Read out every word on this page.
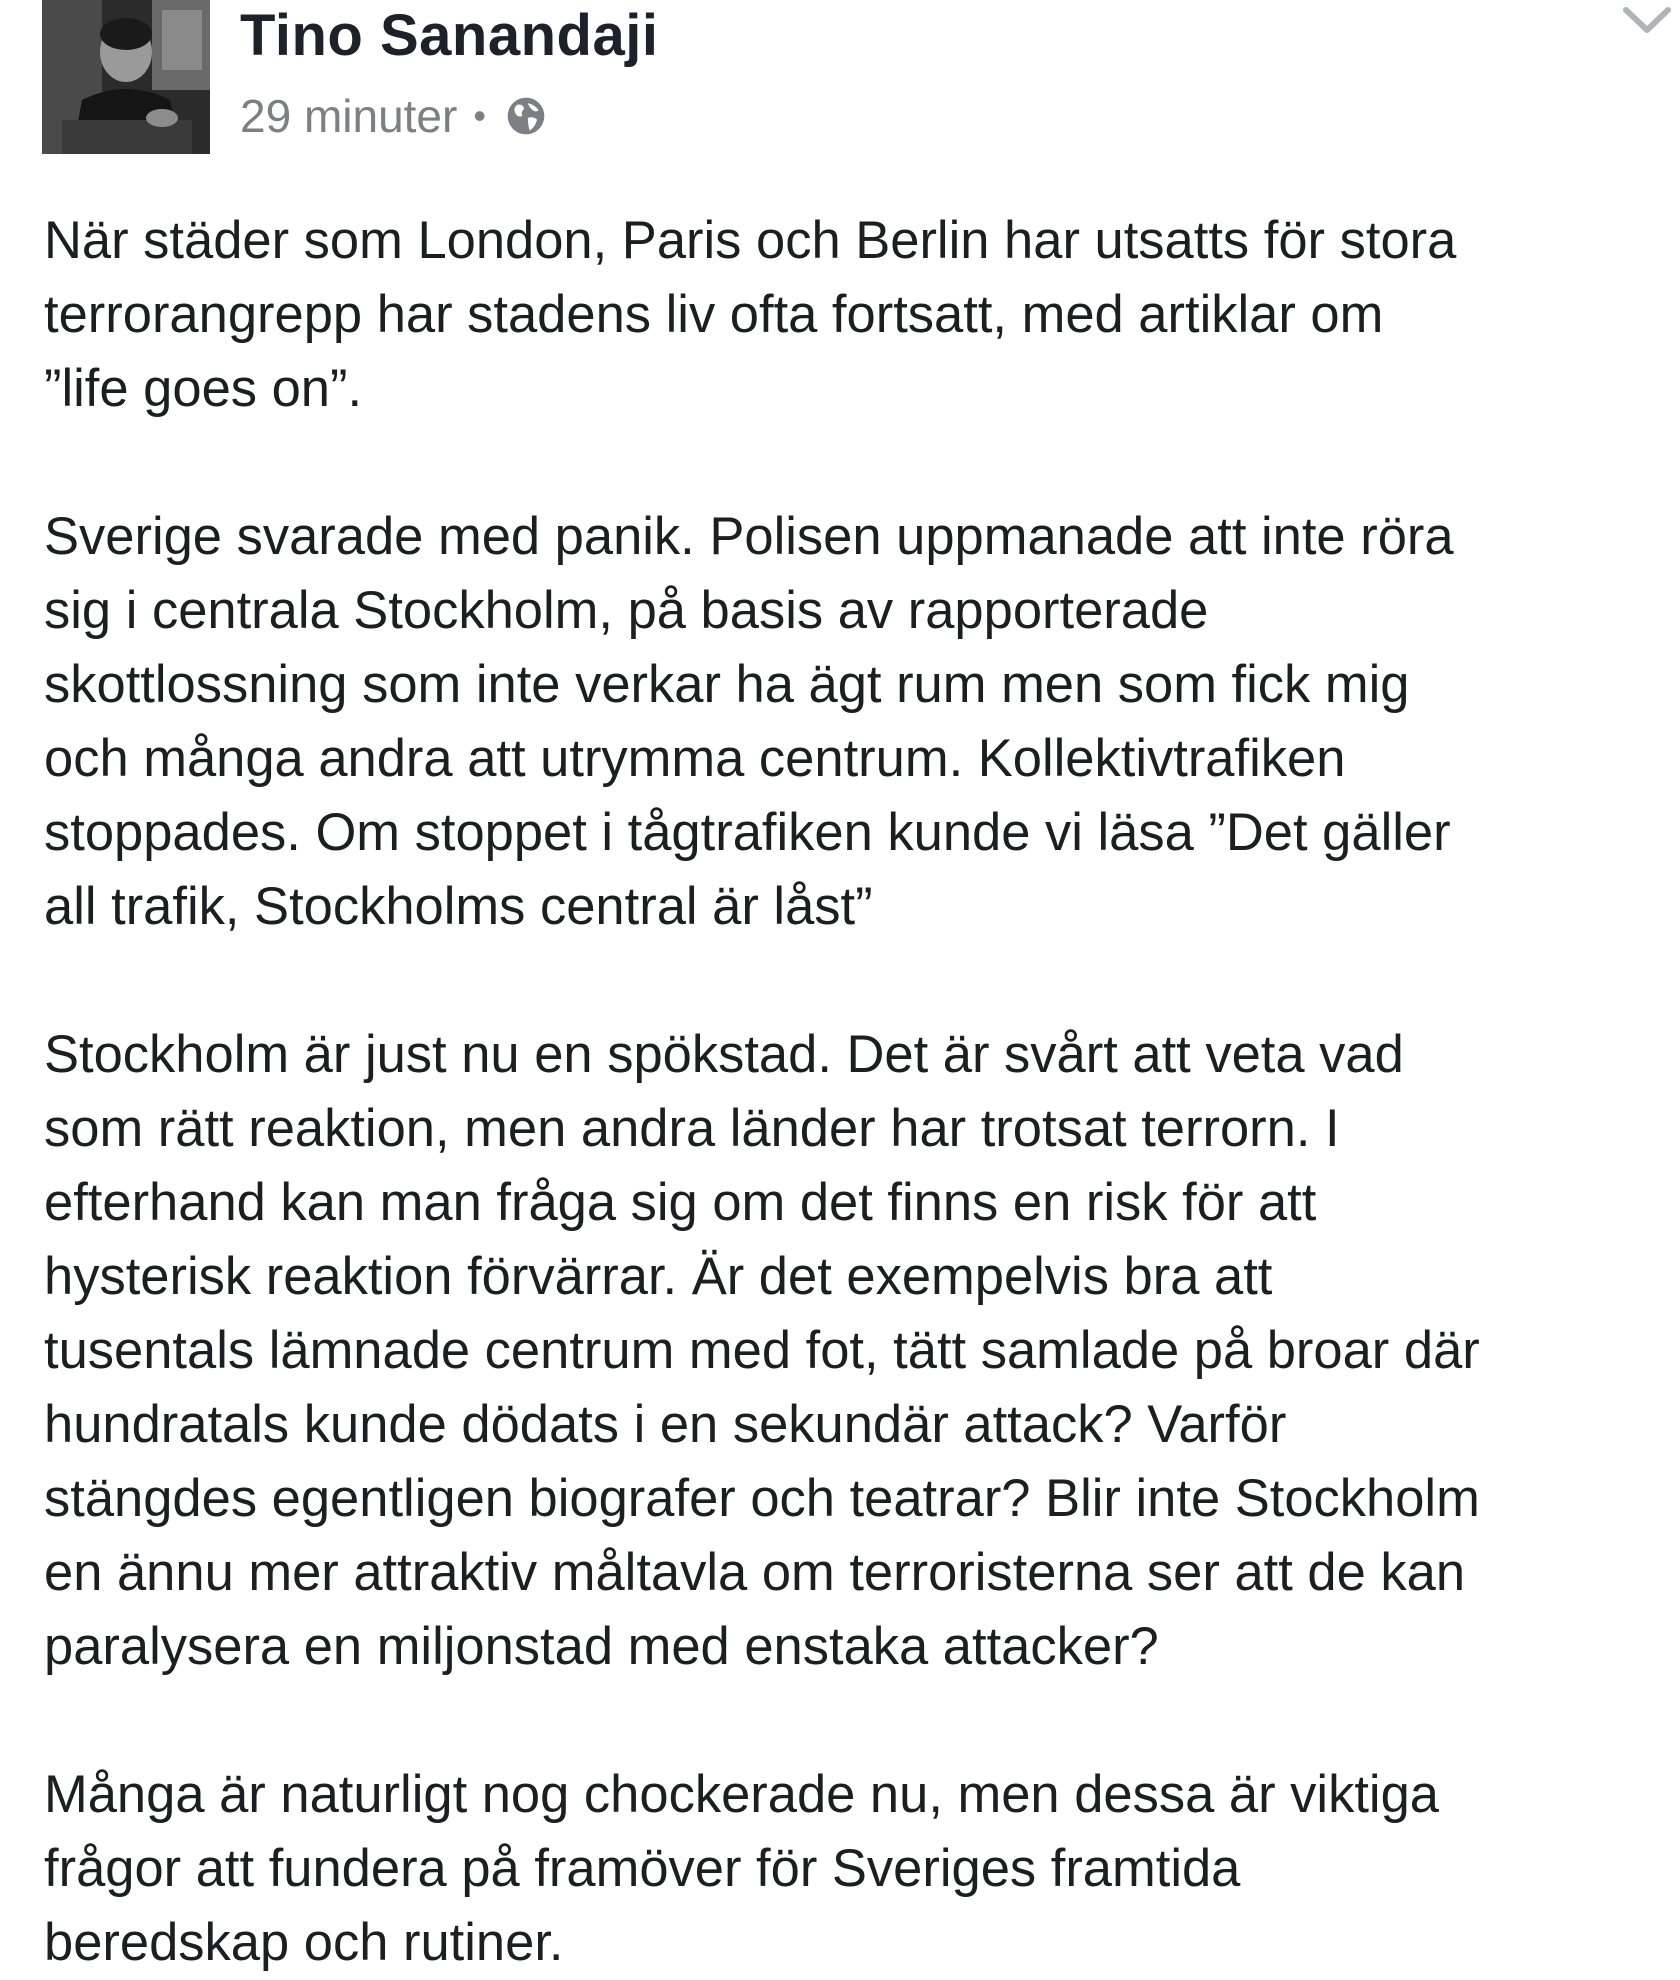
Tino Sanandaji
29 minuter •

När städer som London, Paris och Berlin har utsatts för stora
terrorangrepp har stadens liv ofta fortsatt, med artiklar om
”life goes on”.

Sverige svarade med panik. Polisen uppmanade att inte röra
sig i centrala Stockholm, på basis av rapporterade
skottlossning som inte verkar ha ägt rum men som fick mig
och många andra att utrymma centrum. Kollektivtrafiken
stoppades. Om stoppet i tågtrafiken kunde vi läsa ”Det gäller
all trafik, Stockholms central är låst”

Stockholm är just nu en spökstad. Det är svårt att veta vad
som rätt reaktion, men andra länder har trotsat terrorn. I
efterhand kan man fråga sig om det finns en risk för att
hysterisk reaktion förvärrar. Är det exempelvis bra att
tusentals lämnade centrum med fot, tätt samlade på broar där
hundratals kunde dödats i en sekundär attack? Varför
stängdes egentligen biografer och teatrar? Blir inte Stockholm
en ännu mer attraktiv måltavla om terroristerna ser att de kan
paralysera en miljonstad med enstaka attacker?

Många är naturligt nog chockerade nu, men dessa är viktiga
frågor att fundera på framöver för Sveriges framtida
beredskap och rutiner.
